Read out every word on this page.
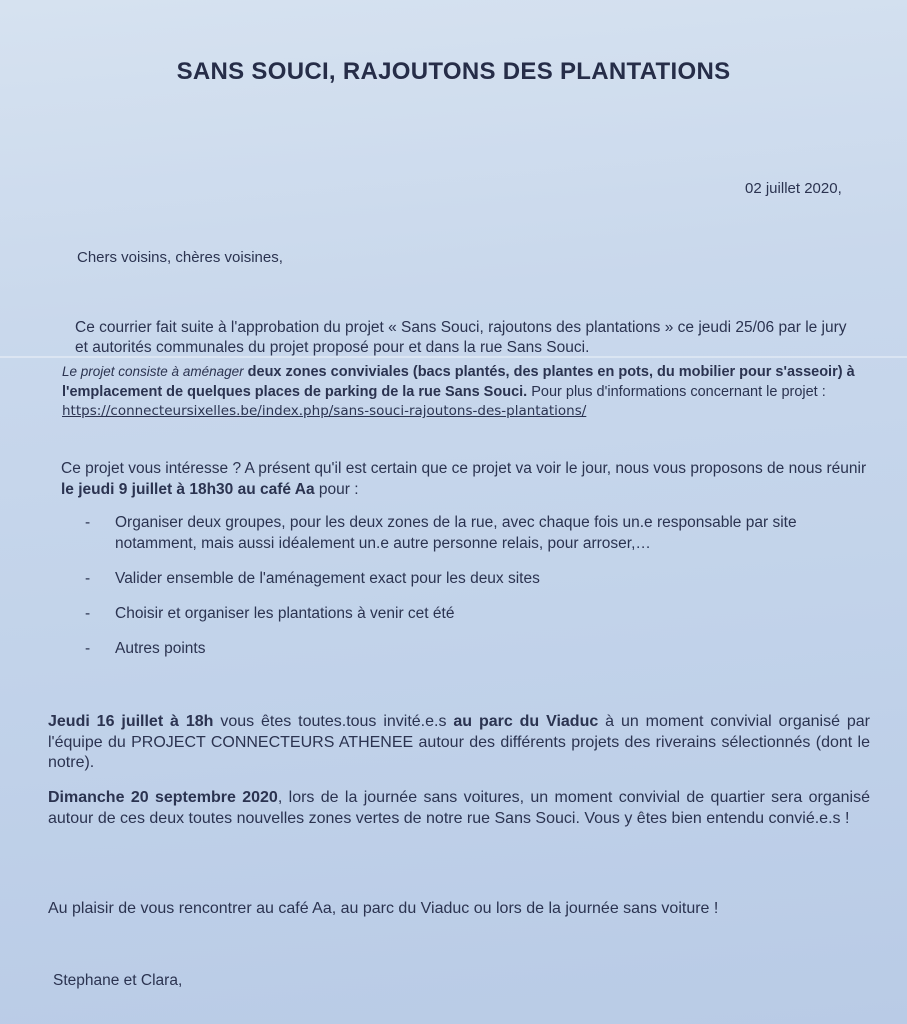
SANS SOUCI, RAJOUTONS DES PLANTATIONS
02 juillet 2020,
Chers voisins, chères voisines,
Ce courrier fait suite à l'approbation du projet « Sans Souci, rajoutons des plantations » ce jeudi 25/06 par le jury et autorités communales du projet proposé pour et dans la rue Sans Souci.
Le projet consiste à aménager deux zones conviviales (bacs plantés, des plantes en pots, du mobilier pour s'asseoir) à l'emplacement de quelques places de parking de la rue Sans Souci. Pour plus d'informations concernant le projet : https://connecteursixelles.be/index.php/sans-souci-rajoutons-des-plantations/
Ce projet vous intéresse ? A présent qu'il est certain que ce projet va voir le jour, nous vous proposons de nous réunir le jeudi 9 juillet à 18h30 au café Aa pour :
- Organiser deux groupes, pour les deux zones de la rue, avec chaque fois un.e responsable par site notamment, mais aussi idéalement un.e autre personne relais, pour arroser,…
- Valider ensemble de l'aménagement exact pour les deux sites
- Choisir et organiser les plantations à venir cet été
- Autres points
Jeudi 16 juillet à 18h vous êtes toutes.tous invité.e.s au parc du Viaduc à un moment convivial organisé par l'équipe du PROJECT CONNECTEURS ATHENEE autour des différents projets des riverains sélectionnés (dont le notre).
Dimanche 20 septembre 2020, lors de la journée sans voitures, un moment convivial de quartier sera organisé autour de ces deux toutes nouvelles zones vertes de notre rue Sans Souci. Vous y êtes bien entendu convié.e.s !
Au plaisir de vous rencontrer au café Aa, au parc du Viaduc ou lors de la journée sans voiture !
Stephane et Clara,
